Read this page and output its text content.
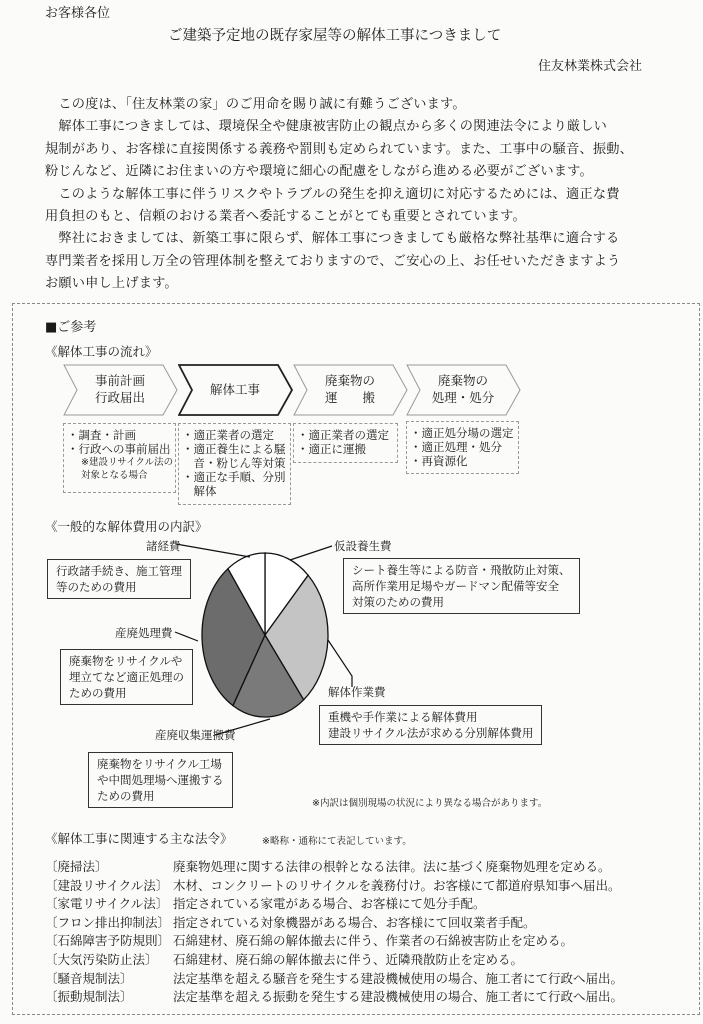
お客様各位
ご建築予定地の既存家屋等の解体工事につきまして
住友林業株式会社
　この度は、「住友林業の家」のご用命を賜り誠に有難うございます。
　解体工事につきましては、環境保全や健康被害防止の観点から多くの関連法令により厳しい
規制があり、お客様に直接関係する義務や罰則も定められています。また、工事中の騒音、振動、
粉じんなど、近隣にお住まいの方や環境に細心の配慮をしながら進める必要がございます。
　このような解体工事に伴うリスクやトラブルの発生を抑え適切に対応するためには、適正な費
用負担のもと、信頼のおける業者へ委託することがとても重要とされています。
　弊社におきましては、新築工事に限らず、解体工事につきましても厳格な弊社基準に適合する
専門業者を採用し万全の管理体制を整えておりますので、ご安心の上、お任せいただきますよう
お願い申し上げます。
■ご参考
《解体工事の流れ》
事前計画
行政届出
・調査・計画
・行政への事前届出
※建設リサイクル法の
対象となる場合
解体工事
・適正業者の選定
・適正養生による騒
　音・粉じん等対策
・適正な手順、分別
　解体
廃棄物の
運　　搬
・適正業者の選定
・適正に運搬
廃棄物の
処理・処分
・適正処分場の選定
・適正処理・処分
・再資源化
《一般的な解体費用の内訳》
仮設養生費
シート養生等による防音・飛散防止対策、
高所作業用足場やガードマン配備等安全
対策のための費用
解体作業費
重機や手作業による解体費用
建設リサイクル法が求める分別解体費用
産廃収集運搬費
廃棄物をリサイクル工場
や中間処理場へ運搬する
ための費用
産廃処理費
廃棄物をリサイクルや
埋立てなど適正処理の
ための費用
諸経費
行政諸手続き、施工管理
等のための費用
※内訳は個別現場の状況により異なる場合があります。
《解体工事に関連する主な法令》	※略称・通称にて表記しています。
〔廃掃法〕	廃棄物処理に関する法律の根幹となる法律。法に基づく廃棄物処理を定める。
〔建設リサイクル法〕 木材、コンクリートのリサイクルを義務付け。お客様にて都道府県知事へ届出。
〔家電リサイクル法〕 指定されている家電がある場合、お客様にて処分手配。
〔フロン排出抑制法〕 指定されている対象機器がある場合、お客様にて回収業者手配。
〔石綿障害予防規則〕 石綿建材、廃石綿の解体撤去に伴う、作業者の石綿被害防止を定める。
〔大気汚染防止法〕 石綿建材、廃石綿の解体撤去に伴う、近隣飛散防止を定める。
〔騒音規制法〕	法定基準を超える騒音を発生する建設機械使用の場合、施工者にて行政へ届出。
〔振動規制法〕	法定基準を超える振動を発生する建設機械使用の場合、施工者にて行政へ届出。
